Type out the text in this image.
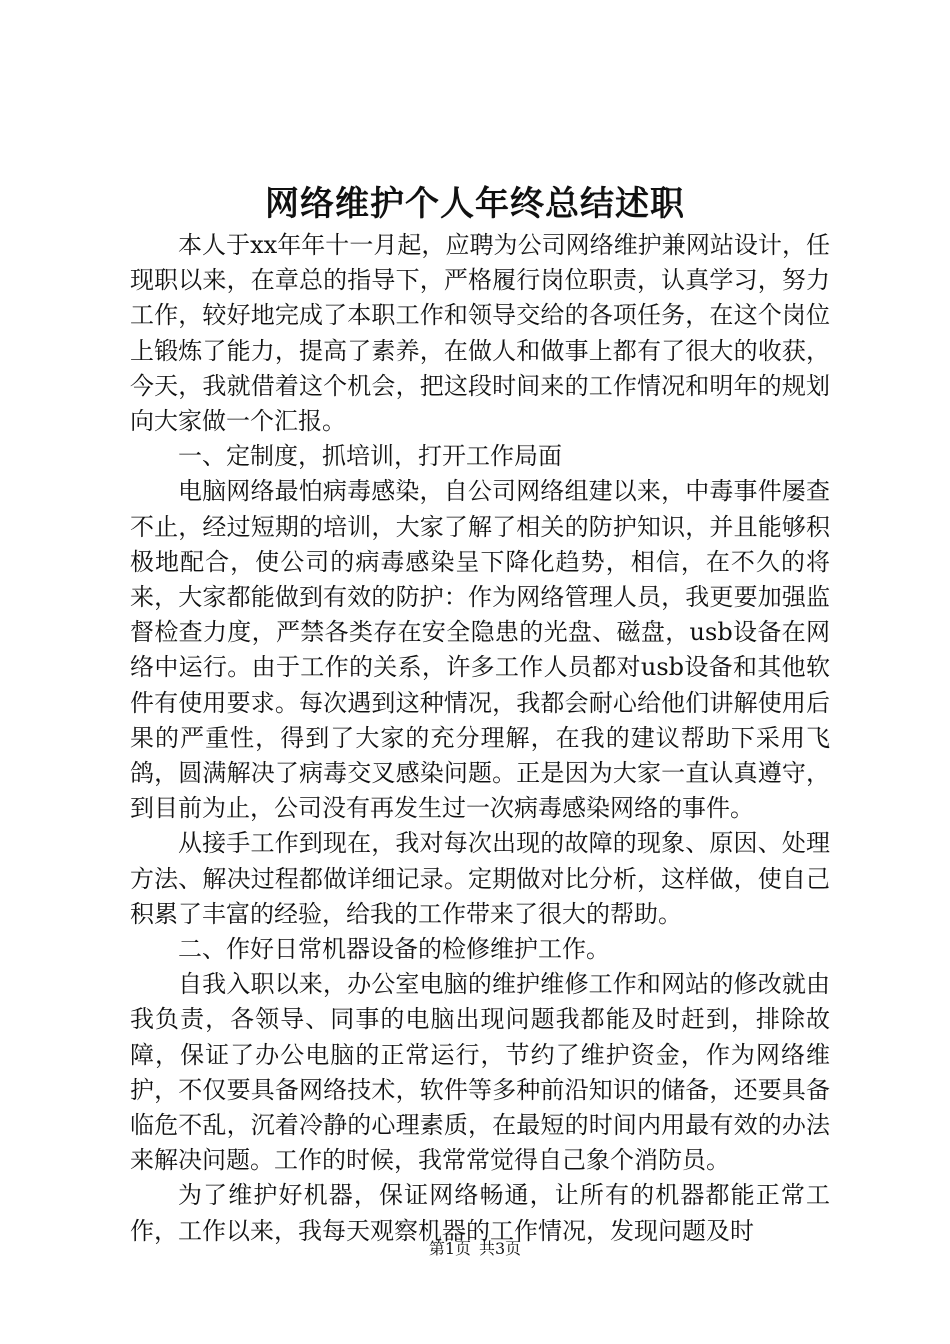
网络维护个人年终总结述职

本人于xx年年十一月起，应聘为公司网络维护兼网站设计，任现职以来，在章总的指导下，严格履行岗位职责，认真学习，努力工作，较好地完成了本职工作和领导交给的各项任务，在这个岗位上锻炼了能力，提高了素养，在做人和做事上都有了很大的收获，今天，我就借着这个机会，把这段时间来的工作情况和明年的规划向大家做一个汇报。

一、定制度，抓培训，打开工作局面

电脑网络最怕病毒感染，自公司网络组建以来，中毒事件屡查不止，经过短期的培训，大家了解了相关的防护知识，并且能够积极地配合，使公司的病毒感染呈下降化趋势，相信，在不久的将来，大家都能做到有效的防护：作为网络管理人员，我更要加强监督检查力度，严禁各类存在安全隐患的光盘、磁盘，usb设备在网络中运行。由于工作的关系，许多工作人员都对usb设备和其他软件有使用要求。每次遇到这种情况，我都会耐心给他们讲解使用后果的严重性，得到了大家的充分理解，在我的建议帮助下采用飞鸽，圆满解决了病毒交叉感染问题。正是因为大家一直认真遵守，到目前为止，公司没有再发生过一次病毒感染网络的事件。

从接手工作到现在，我对每次出现的故障的现象、原因、处理方法、解决过程都做详细记录。定期做对比分析，这样做，使自己积累了丰富的经验，给我的工作带来了很大的帮助。

二、作好日常机器设备的检修维护工作。

自我入职以来，办公室电脑的维护维修工作和网站的修改就由我负责，各领导、同事的电脑出现问题我都能及时赶到，排除故障，保证了办公电脑的正常运行，节约了维护资金，作为网络维护，不仅要具备网络技术，软件等多种前沿知识的储备，还要具备临危不乱，沉着冷静的心理素质，在最短的时间内用最有效的办法来解决问题。工作的时候，我常常觉得自己象个消防员。

为了维护好机器，保证网络畅通，让所有的机器都能正常工作，工作以来，我每天观察机器的工作情况，发现问题及时

第1页 共3页
